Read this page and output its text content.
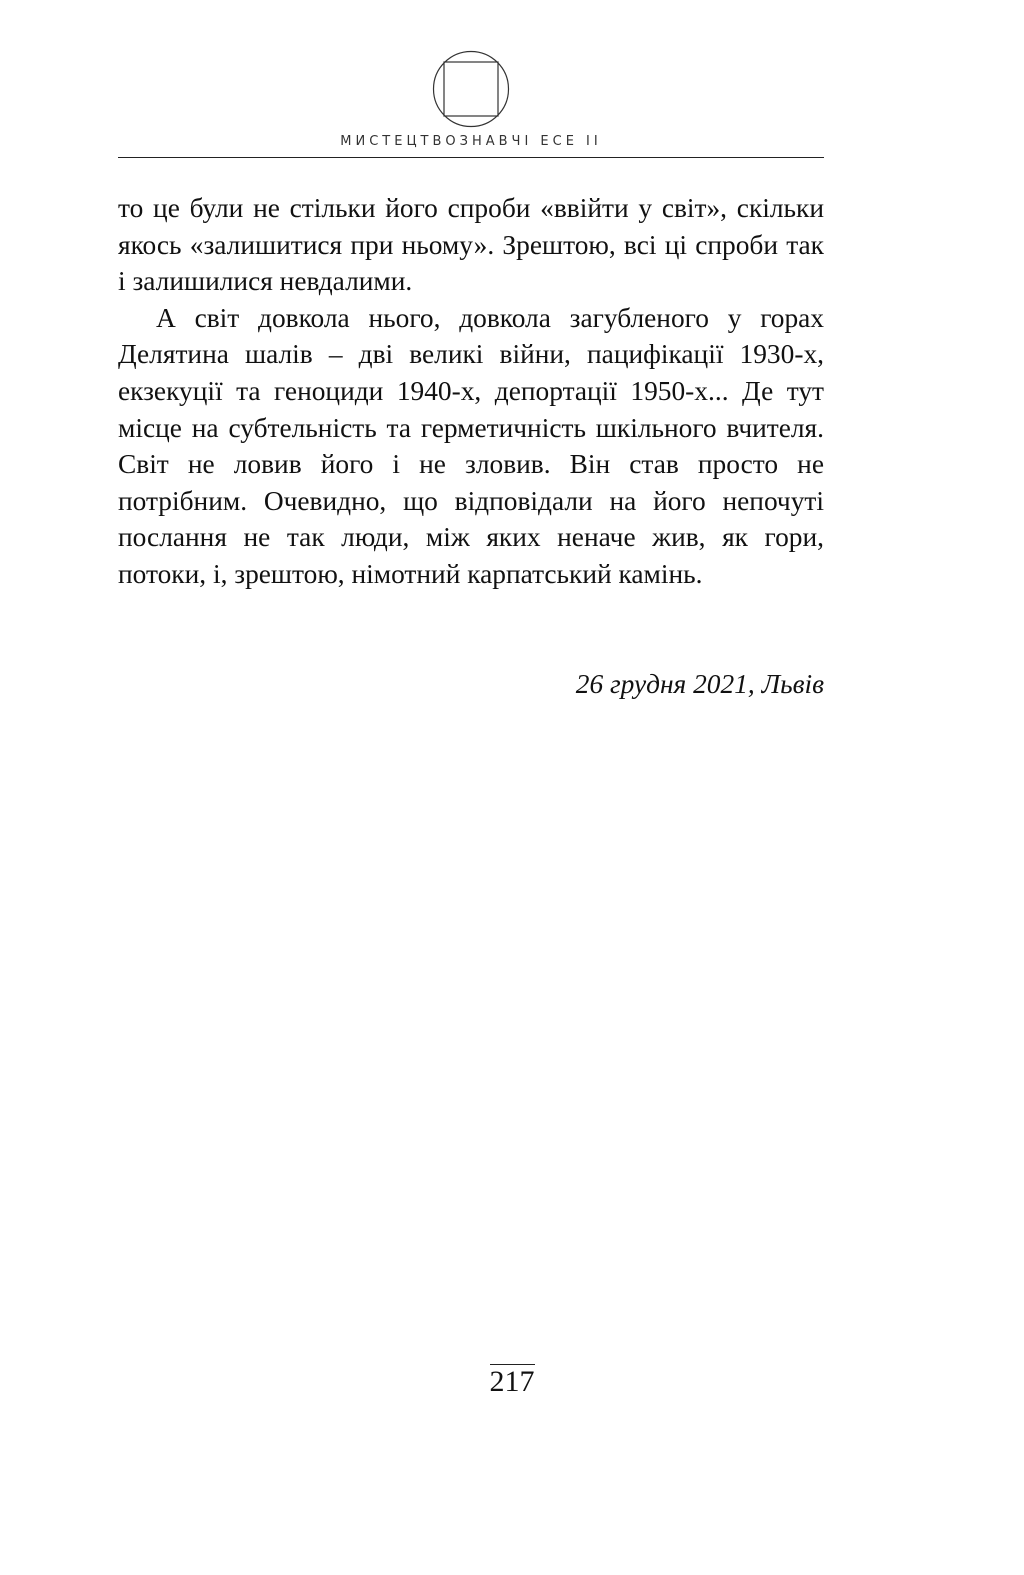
МИСТЕЦТВОЗНАВЧІ ЕСЕ ІІ

то це були не стільки його спроби «ввійти у світ», скільки якось «залишитися при ньому». Зрештою, всі ці спроби так і залишилися невдалими.

А світ довкола нього, довкола загубленого у горах Делятина шалів – дві великі війни, пацифікації 1930-х, екзекуції та геноциди 1940-х, депортації 1950-х... Де тут місце на субтельність та герметичність шкільного вчителя. Світ не ловив його і не зловив. Він став просто не потрібним. Очевидно, що відповідали на його непочуті послання не так люди, між яких неначе жив, як гори, потоки, і, зрештою, німотний карпатський камінь.

26 грудня 2021, Львів
217
